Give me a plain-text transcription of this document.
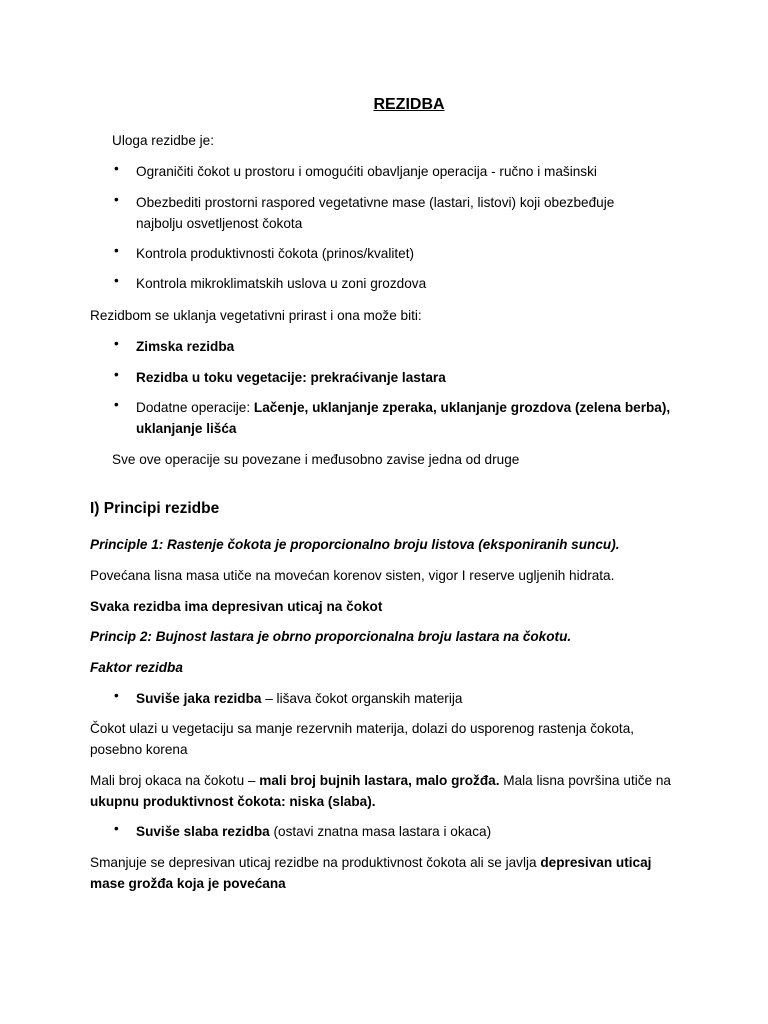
REZIDBA
Uloga rezidbe je:
• Ograničiti čokot u prostoru i omogućiti obavljanje operacija - ručno i mašinski
• Obezbediti prostorni raspored vegetativne mase (lastari, listovi) koji obezbeđuje najbolju osvetljenost čokota
• Kontrola produktivnosti čokota (prinos/kvalitet)
• Kontrola mikroklimatskih uslova u zoni grozdova
Rezidbom se uklanja vegetativni prirast i ona može biti:
• Zimska rezidba
• Rezidba u toku vegetacije: prekraćivanje lastara
• Dodatne operacije: Lačenje, uklanjanje zperaka, uklanjanje grozdova (zelena berba), uklanjanje lišća
Sve ove operacije su povezane i međusobno zavise jedna od druge
I) Principi rezidbe
Principle 1: Rastenje čokota je proporcionalno broju listova (eksponiranih suncu).
Povećana lisna masa utiče na movećan korenov sisten, vigor I reserve ugljenih hidrata.
Svaka rezidba ima depresivan uticaj na čokot
Princip 2: Bujnost lastara je obrno proporcionalna broju lastara na čokotu.
Faktor rezidba
• Suviše jaka rezidba – lišava čokot organskih materija
Čokot ulazi u vegetaciju sa manje rezervnih materija, dolazi do usporenog rastenja čokota, posebno korena
Mali broj okaca na čokotu – mali broj bujnih lastara, malo grožđa. Mala lisna površina utiče na ukupnu produktivnost čokota: niska (slaba).
• Suviše slaba rezidba (ostavi znatna masa lastara i okaca)
Smanjuje se depresivan uticaj rezidbe na produktivnost čokota ali se javlja depresivan uticaj mase grožđa koja je povećana
